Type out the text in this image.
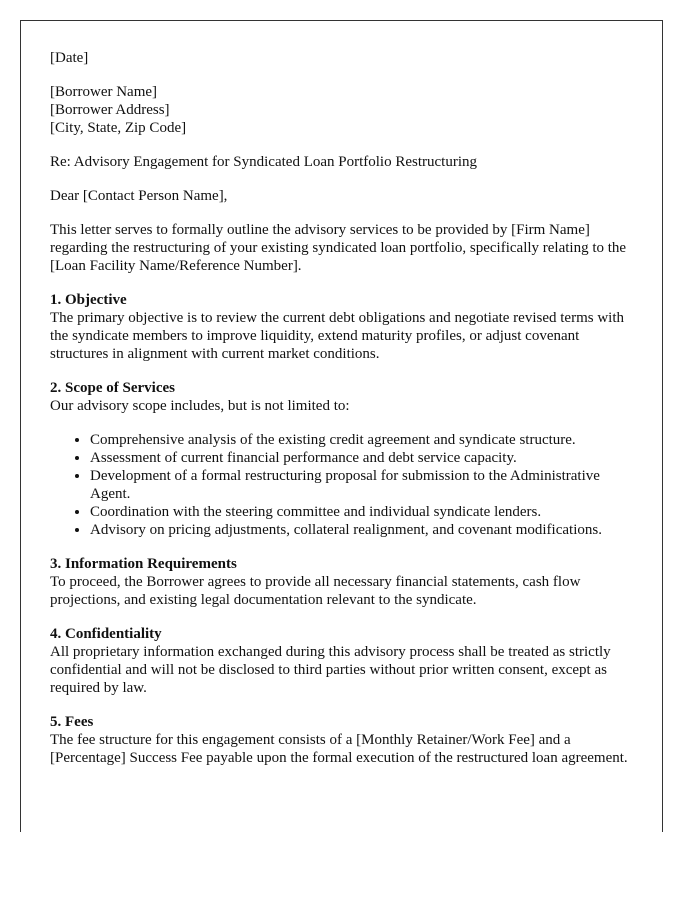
[Date]

[Borrower Name]
[Borrower Address]
[City, State, Zip Code]

Re: Advisory Engagement for Syndicated Loan Portfolio Restructuring

Dear [Contact Person Name],

This letter serves to formally outline the advisory services to be provided by [Firm Name] regarding the restructuring of your existing syndicated loan portfolio, specifically relating to the [Loan Facility Name/Reference Number].

1. Objective
The primary objective is to review the current debt obligations and negotiate revised terms with the syndicate members to improve liquidity, extend maturity profiles, or adjust covenant structures in alignment with current market conditions.
2. Scope of Services
Our advisory scope includes, but is not limited to:
• Comprehensive analysis of the existing credit agreement and syndicate structure.
• Assessment of current financial performance and debt service capacity.
• Development of a formal restructuring proposal for submission to the Administrative Agent.
• Coordination with the steering committee and individual syndicate lenders.
• Advisory on pricing adjustments, collateral realignment, and covenant modifications.
3. Information Requirements
To proceed, the Borrower agrees to provide all necessary financial statements, cash flow projections, and existing legal documentation relevant to the syndicate.
4. Confidentiality
All proprietary information exchanged during this advisory process shall be treated as strictly confidential and will not be disclosed to third parties without prior written consent, except as required by law.
5. Fees
The fee structure for this engagement consists of a [Monthly Retainer/Work Fee] and a [Percentage] Success Fee payable upon the formal execution of the restructured loan agreement.
